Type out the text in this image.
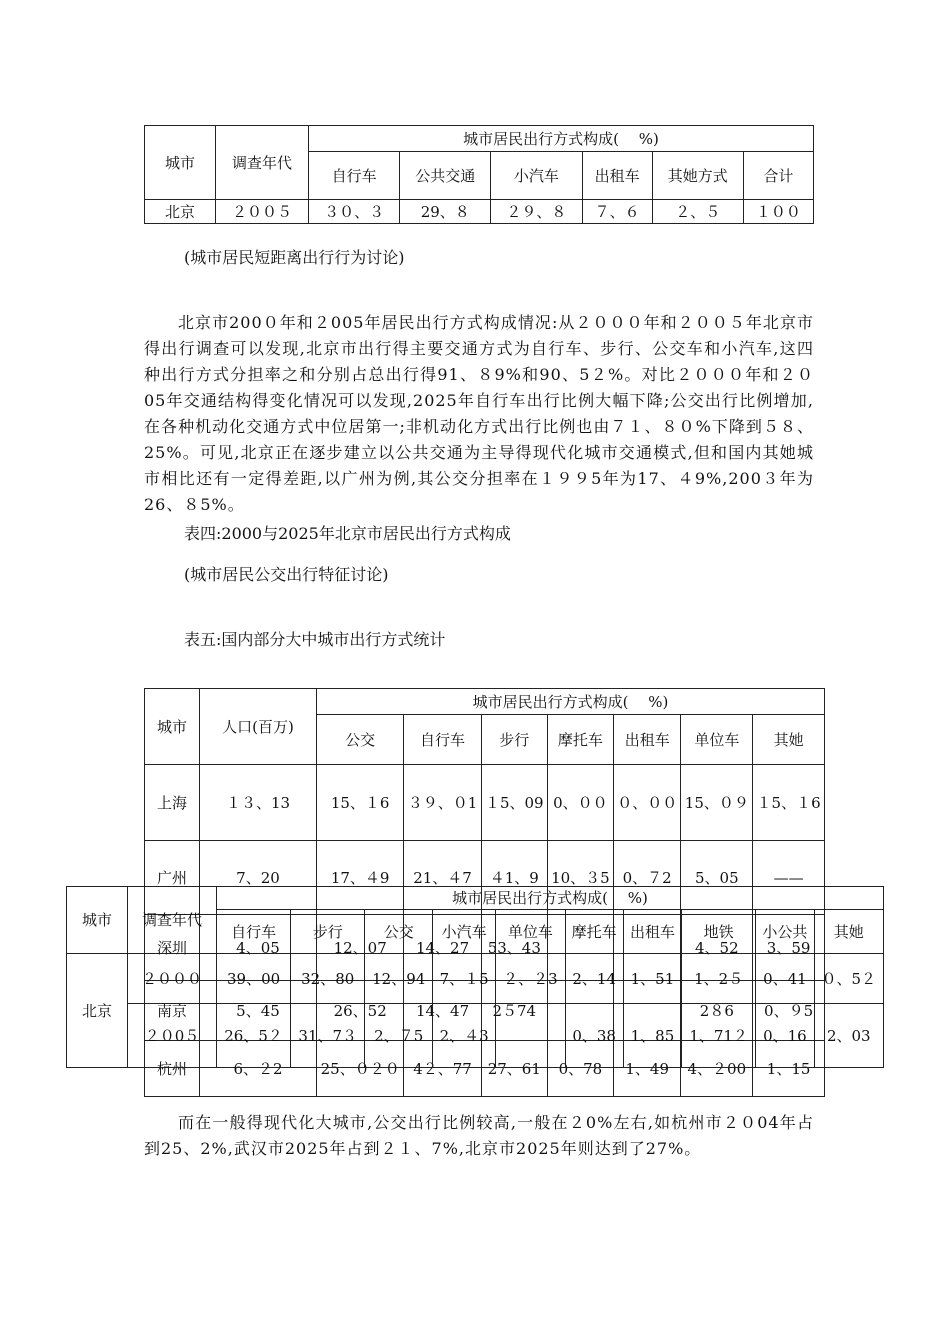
城市	调查年代	城市居民出行方式构成(　 %)					
		自行车	公共交通	小汽车	出租车	其她方式	合计
北京	２００５	３０、３	29、８	２９、８	７、６	２、５	１００

(城市居民短距离出行行为讨论)

北京市200０年和２005年居民出行方式构成情况:从２０００年和２００５年北京市得出行调查可以发现,北京市出行得主要交通方式为自行车、步行、公交车和小汽车,这四种出行方式分担率之和分别占总出行得91、８9%和90、5２%。对比２０００年和２０05年交通结构得变化情况可以发现,2025年自行车出行比例大幅下降;公交出行比例增加,在各种机动化交通方式中位居第一;非机动化方式出行比例也由７１、８０%下降到５８、25%。可见,北京正在逐步建立以公共交通为主导得现代化城市交通模式,但和国内其她城市相比还有一定得差距,以广州为例,其公交分担率在１９９5年为17、４9%,200３年为26、８5%。

表四:2000与2025年北京市居民出行方式构成

(城市居民公交出行特征讨论)

表五:国内部分大中城市出行方式统计

城市	人口(百万)	城市居民出行方式构成(　 %)						
		公交	自行车	步行	摩托车	出租车	单位车	其她
上海	１３、13	15、１6	３９、０1	１5、09	0、００	０、００	15、０９	１5、１6
广州	7、20	17、４9	21、４7	４1、9	10、３5	0、７2	5、05	——
深圳	4、05	12、07	14、27	53、43			4、52	3、59
南京	5、45	26、52	14、47	2５74			2８6	0、９5
杭州	6、２2	25、０２０	4２、77	27、61	0、78	1、49	4、２00	1、15
城市	调查年代	城市居民出行方式构成(　 %)									
		自行车	步行	公交	小汽车	单位车	摩托车	出租车	地铁	小公共	其她
北京	２０００	39、00	32、80	12、94	7、１5	２、２3	2、14	1、51	1、2５	0、41	０、5２
	２０0５	26、5２	31、7３	2、７5	2、４3		0、38	1、85	1、71２	0、16	2、03

而在一般得现代化大城市,公交出行比例较高,一般在２0%左右,如杭州市２０04年占到25、2%,武汉市2025年占到２１、7%,北京市2025年则达到了27%。
